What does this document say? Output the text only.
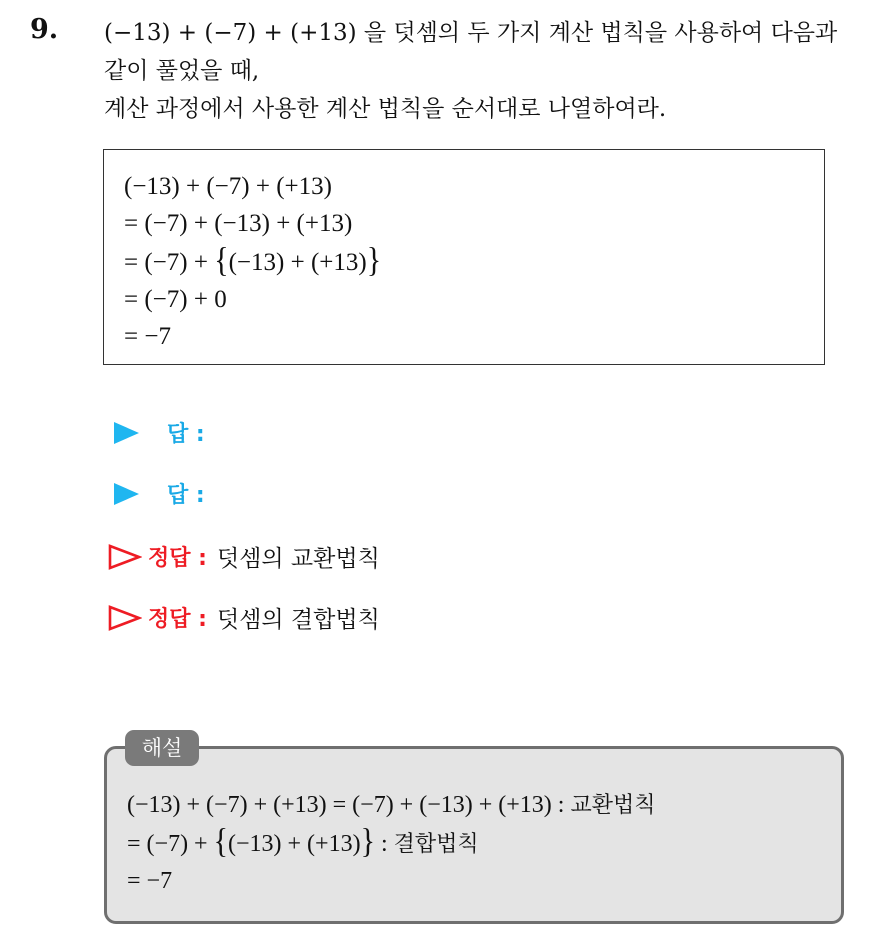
9. (−13) + (−7) + (+13) 을 덧셈의 두 가지 계산 법칙을 사용하여 다음과
같이 풀었을 때,
계산 과정에서 사용한 계산 법칙을 순서대로 나열하여라.
(−13) + (−7) + (+13)
= (−7) + (−13) + (+13)
= (−7) + {(−13) + (+13)}
= (−7) + 0
= −7
답 :
답 :
정답 : 덧셈의 교환법칙
정답 : 덧셈의 결합법칙
(−13) + (−7) + (+13) = (−7) + (−13) + (+13) : 교환법칙
= (−7) + {(−13) + (+13)} : 결합법칙
= −7
해설
